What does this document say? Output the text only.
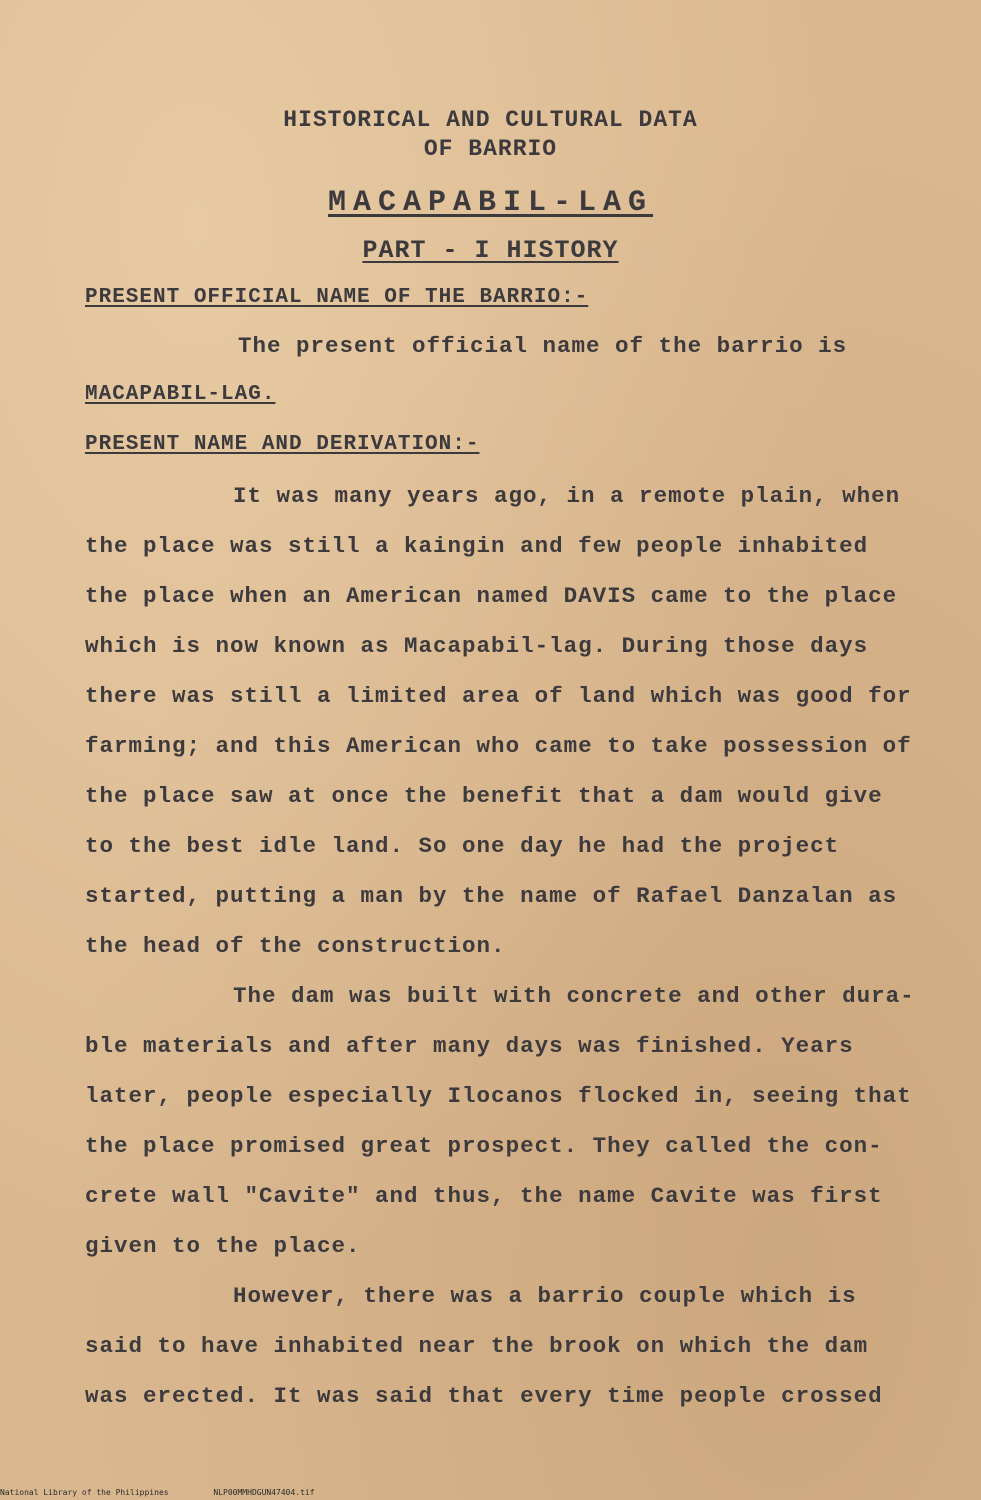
HISTORICAL AND CULTURAL DATA
OF BARRIO
MACAPABIL-LAG
PART - I HISTORY
PRESENT OFFICIAL NAME OF THE BARRIO:-
The present official name of the barrio is
MACAPABIL-LAG.
PRESENT NAME AND DERIVATION:-
It was many years ago, in a remote plain, when
the place was still a kaingin and few people inhabited
the place when an American named DAVIS came to the place
which is now known as Macapabil-lag. During those days
there was still a limited area of land which was good for
farming; and this American who came to take possession of
the place saw at once the benefit that a dam would give
to the best idle land. So one day he had the project
started, putting a man by the name of Rafael Danzalan as
the head of the construction.
The dam was built with concrete and other dura-
ble materials and after many days was finished. Years
later, people especially Ilocanos flocked in, seeing that
the place promised great prospect. They called the con-
crete wall "Cavite" and thus, the name Cavite was first
given to the place.
However, there was a barrio couple which is
said to have inhabited near the brook on which the dam
was erected. It was said that every time people crossed
National Library of the Philippines	NLP00MMHDGUN47404.tif
